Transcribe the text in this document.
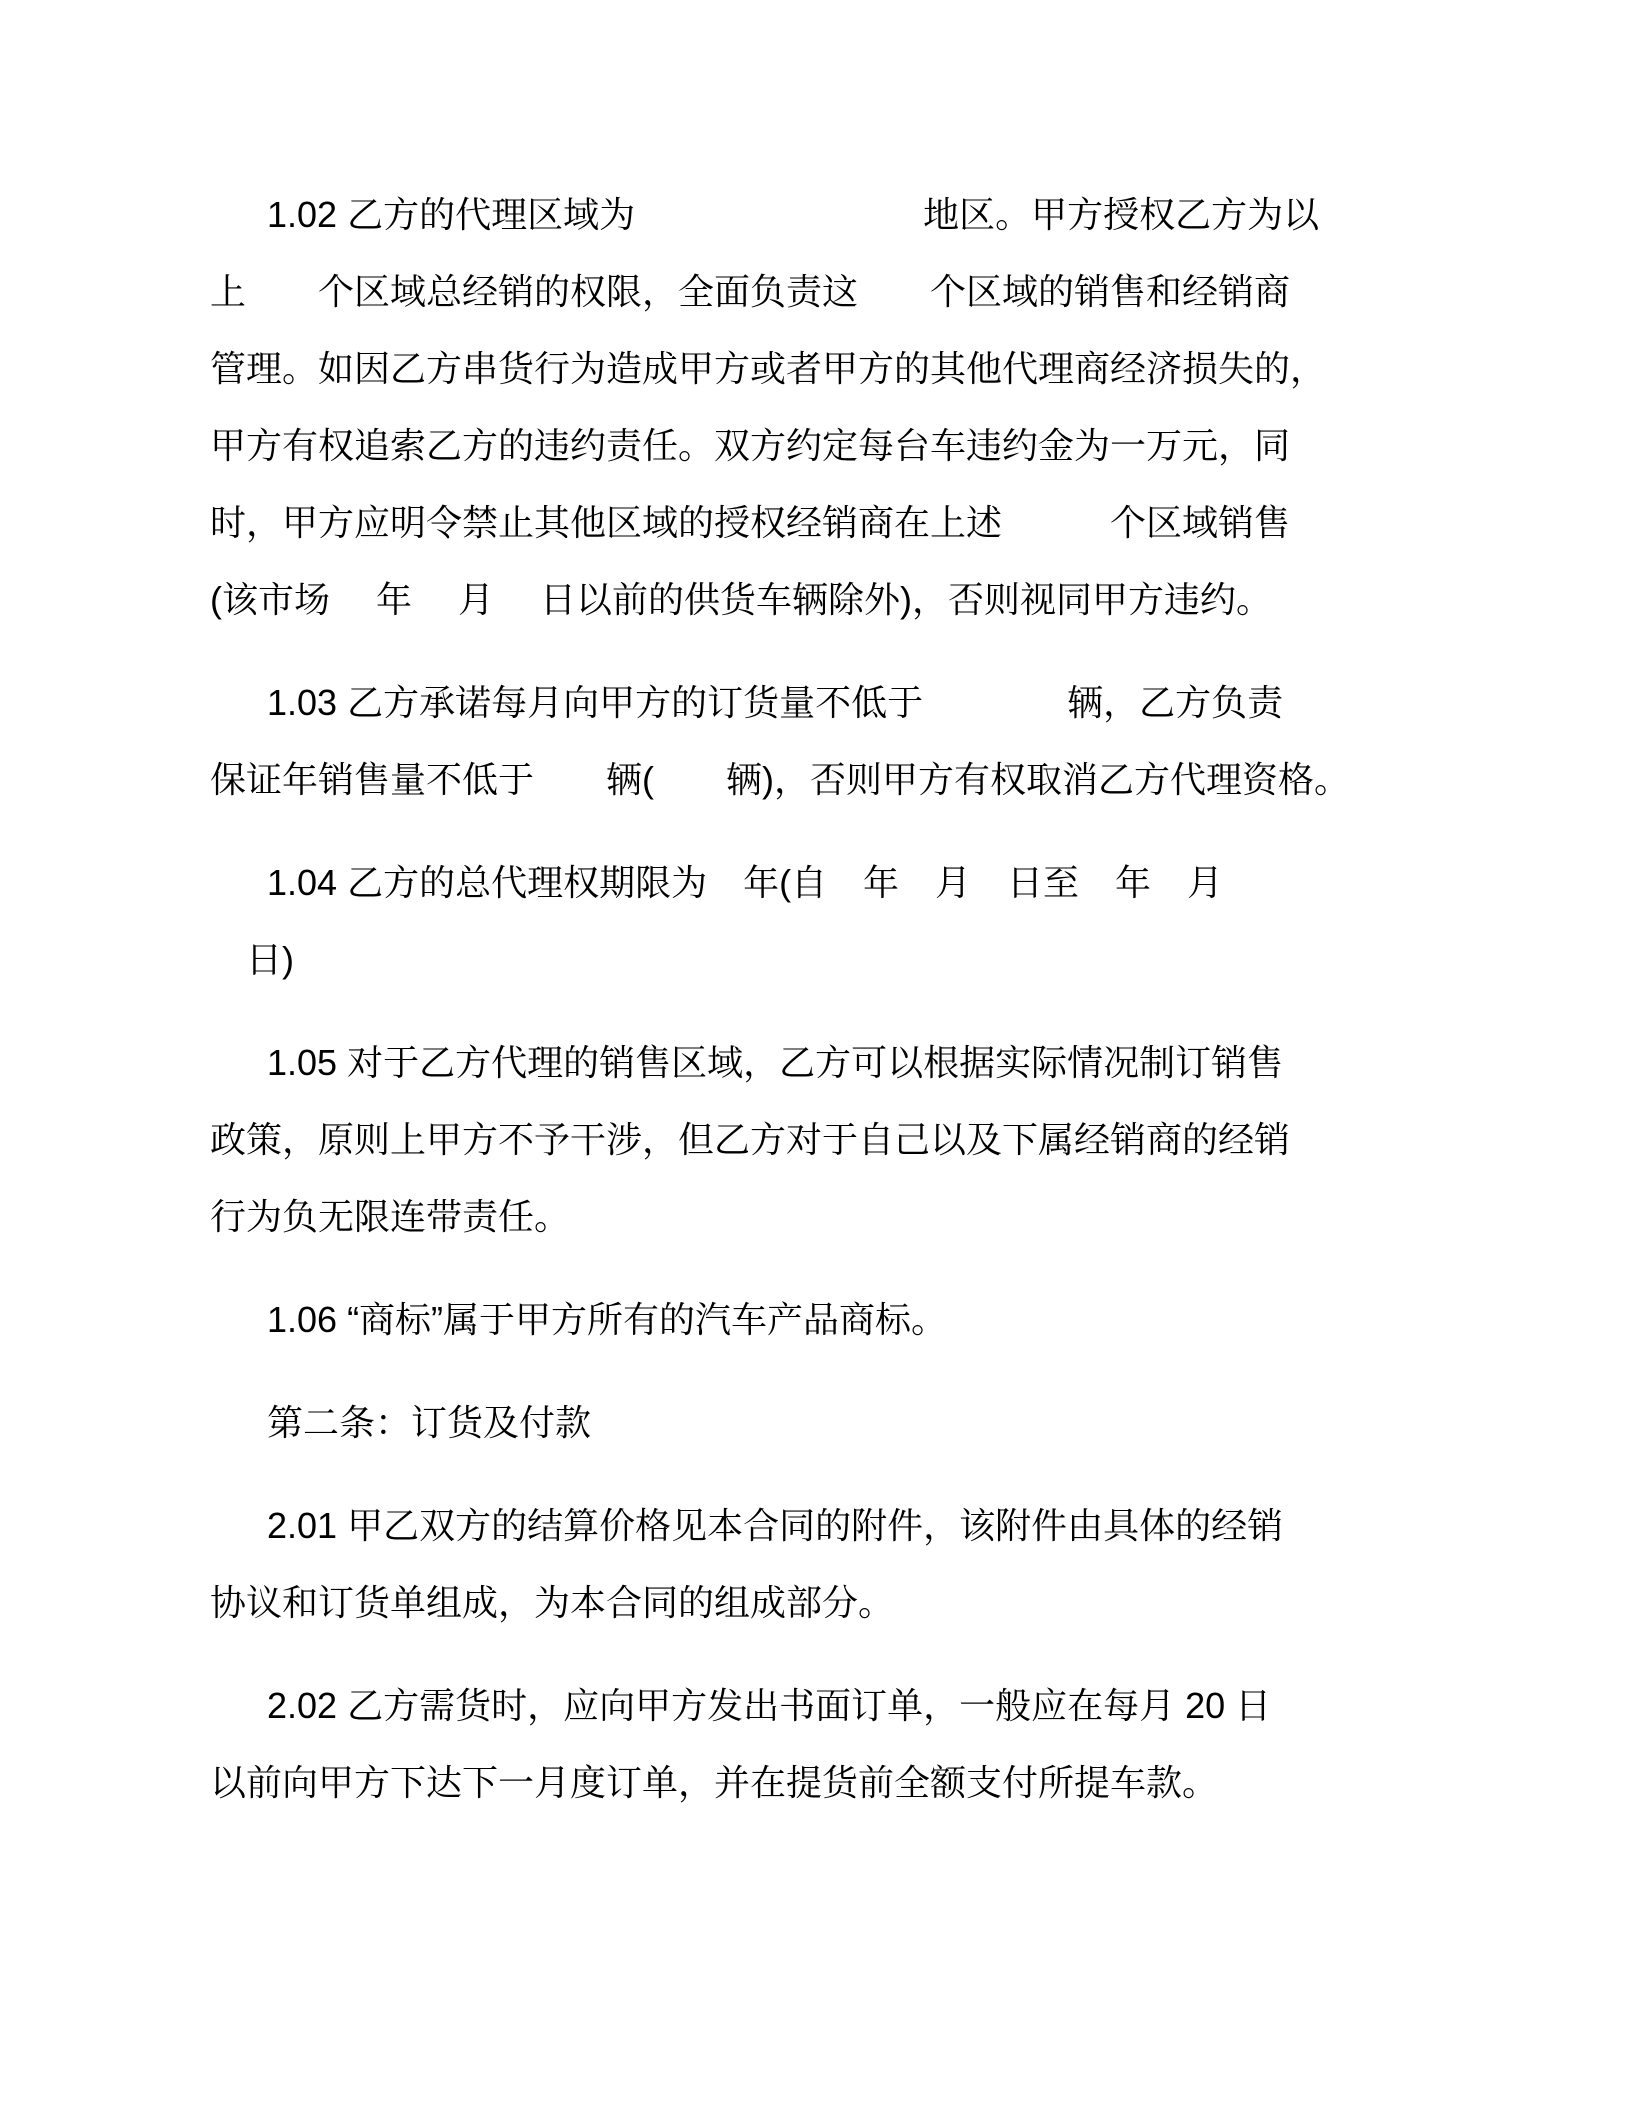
1.02 乙方的代理区域为　　　　　　　　地区。甲方授权乙方为以
上　　个区域总经销的权限，全面负责这　　个区域的销售和经销商
管理。如因乙方串货行为造成甲方或者甲方的其他代理商经济损失的，
甲方有权追索乙方的违约责任。双方约定每台车违约金为一万元，同
时，甲方应明令禁止其他区域的授权经销商在上述　　　个区域销售
(该市场　 年　 月　 日以前的供货车辆除外)，否则视同甲方违约。
1.03 乙方承诺每月向甲方的订货量不低于　　　　辆，乙方负责
保证年销售量不低于　　辆(　　辆)，否则甲方有权取消乙方代理资格。
1.04 乙方的总代理权期限为　年(自　年　月　日至　年　月
　日)
1.05 对于乙方代理的销售区域，乙方可以根据实际情况制订销售
政策，原则上甲方不予干涉，但乙方对于自己以及下属经销商的经销
行为负无限连带责任。
1.06 “商标”属于甲方所有的汽车产品商标。
第二条：订货及付款
2.01 甲乙双方的结算价格见本合同的附件，该附件由具体的经销
协议和订货单组成，为本合同的组成部分。
2.02 乙方需货时，应向甲方发出书面订单，一般应在每月 20 日
以前向甲方下达下一月度订单，并在提货前全额支付所提车款。
